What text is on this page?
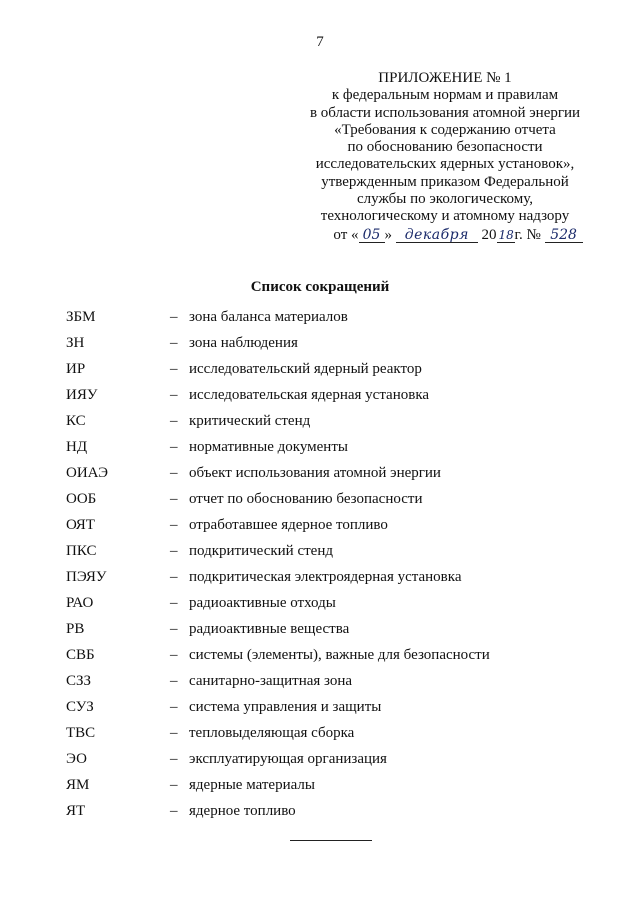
7
ПРИЛОЖЕНИЕ № 1
к федеральным нормам и правилам
в области использования атомной энергии
«Требования к содержанию отчета
по обоснованию безопасности
исследовательских ядерных установок»,
утвержденным приказом Федеральной
службы по экологическому,
технологическому и атомному надзору
от « 05 » декабря 20 18г. № 528
Список сокращений
ЗБМ	– зона баланса материалов
ЗН	– зона наблюдения
ИР	– исследовательский ядерный реактор
ИЯУ	– исследовательская ядерная установка
КС	– критический стенд
НД	– нормативные документы
ОИАЭ	– объект использования атомной энергии
ООБ	– отчет по обоснованию безопасности
ОЯТ	– отработавшее ядерное топливо
ПКС	– подкритический стенд
ПЭЯУ	– подкритическая электроядерная установка
РАО	– радиоактивные отходы
РВ	– радиоактивные вещества
СВБ	– системы (элементы), важные для безопасности
СЗЗ	– санитарно-защитная зона
СУЗ	– система управления и защиты
ТВС	– тепловыделяющая сборка
ЭО	– эксплуатирующая организация
ЯМ	– ядерные материалы
ЯТ	– ядерное топливо
